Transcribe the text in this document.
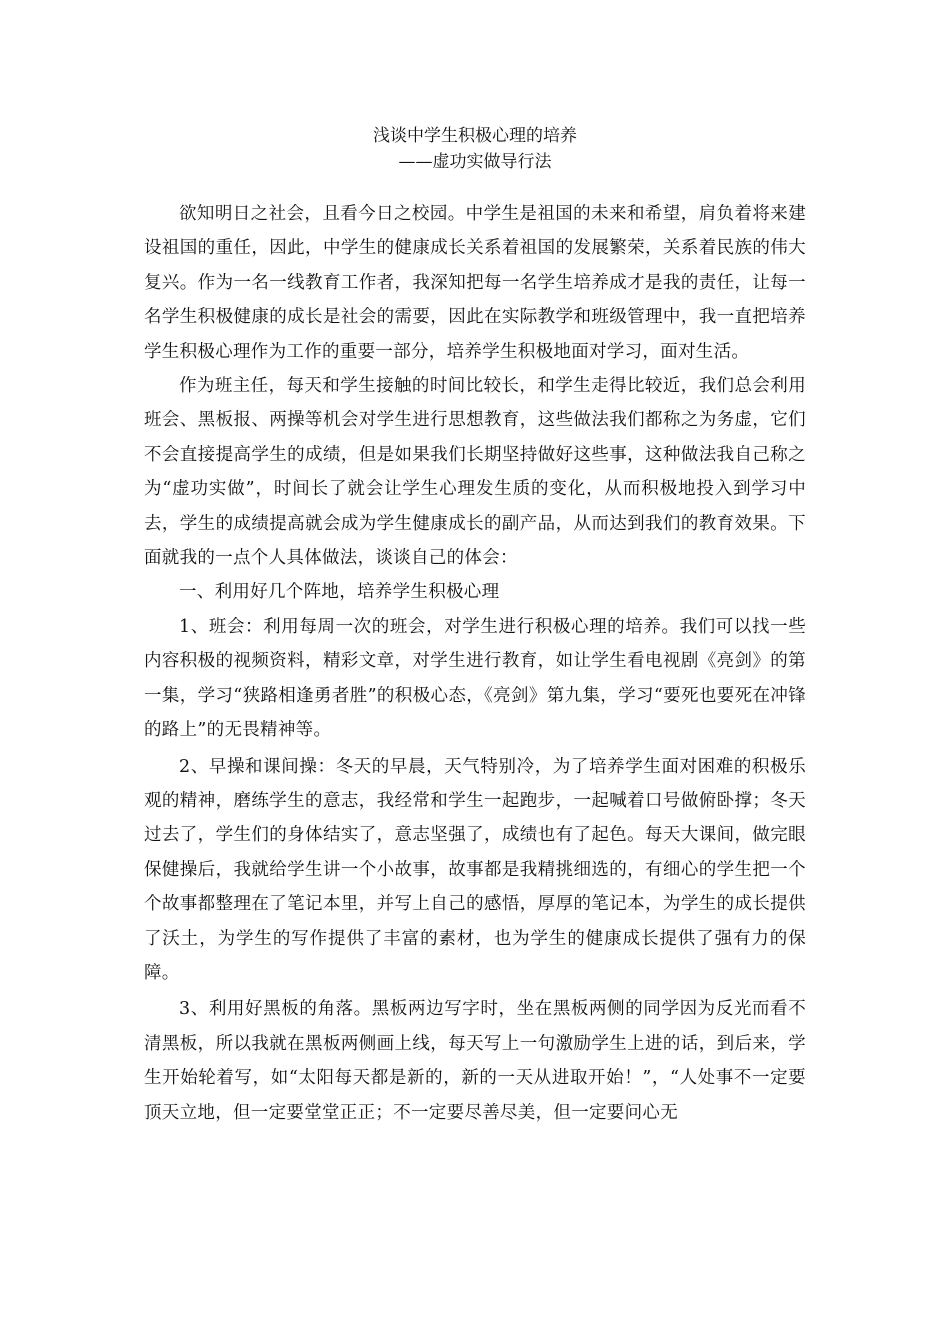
浅谈中学生积极心理的培养
——虚功实做导行法

欲知明日之社会，且看今日之校园。中学生是祖国的未来和希望，肩负着将来建设祖国的重任，因此，中学生的健康成长关系着祖国的发展繁荣，关系着民族的伟大复兴。作为一名一线教育工作者，我深知把每一名学生培养成才是我的责任，让每一名学生积极健康的成长是社会的需要，因此在实际教学和班级管理中，我一直把培养学生积极心理作为工作的重要一部分，培养学生积极地面对学习，面对生活。

作为班主任，每天和学生接触的时间比较长，和学生走得比较近，我们总会利用班会、黑板报、两操等机会对学生进行思想教育，这些做法我们都称之为务虚，它们不会直接提高学生的成绩，但是如果我们长期坚持做好这些事，这种做法我自己称之为“虚功实做”，时间长了就会让学生心理发生质的变化，从而积极地投入到学习中去，学生的成绩提高就会成为学生健康成长的副产品，从而达到我们的教育效果。下面就我的一点个人具体做法，谈谈自己的体会：

一、利用好几个阵地，培养学生积极心理

1、班会：利用每周一次的班会，对学生进行积极心理的培养。我们可以找一些内容积极的视频资料，精彩文章，对学生进行教育，如让学生看电视剧《亮剑》的第一集，学习“狭路相逢勇者胜”的积极心态，《亮剑》第九集，学习“要死也要死在冲锋的路上”的无畏精神等。

2、早操和课间操：冬天的早晨，天气特别冷，为了培养学生面对困难的积极乐观的精神，磨练学生的意志，我经常和学生一起跑步，一起喊着口号做俯卧撑；冬天过去了，学生们的身体结实了，意志坚强了，成绩也有了起色。每天大课间，做完眼保健操后，我就给学生讲一个小故事，故事都是我精挑细选的，有细心的学生把一个个故事都整理在了笔记本里，并写上自己的感悟，厚厚的笔记本，为学生的成长提供了沃土，为学生的写作提供了丰富的素材，也为学生的健康成长提供了强有力的保障。

3、利用好黑板的角落。黑板两边写字时，坐在黑板两侧的同学因为反光而看不清黑板，所以我就在黑板两侧画上线，每天写上一句激励学生上进的话，到后来，学生开始轮着写，如“太阳每天都是新的，新的一天从进取开始！”，“人处事不一定要顶天立地，但一定要堂堂正正；不一定要尽善尽美，但一定要问心无
